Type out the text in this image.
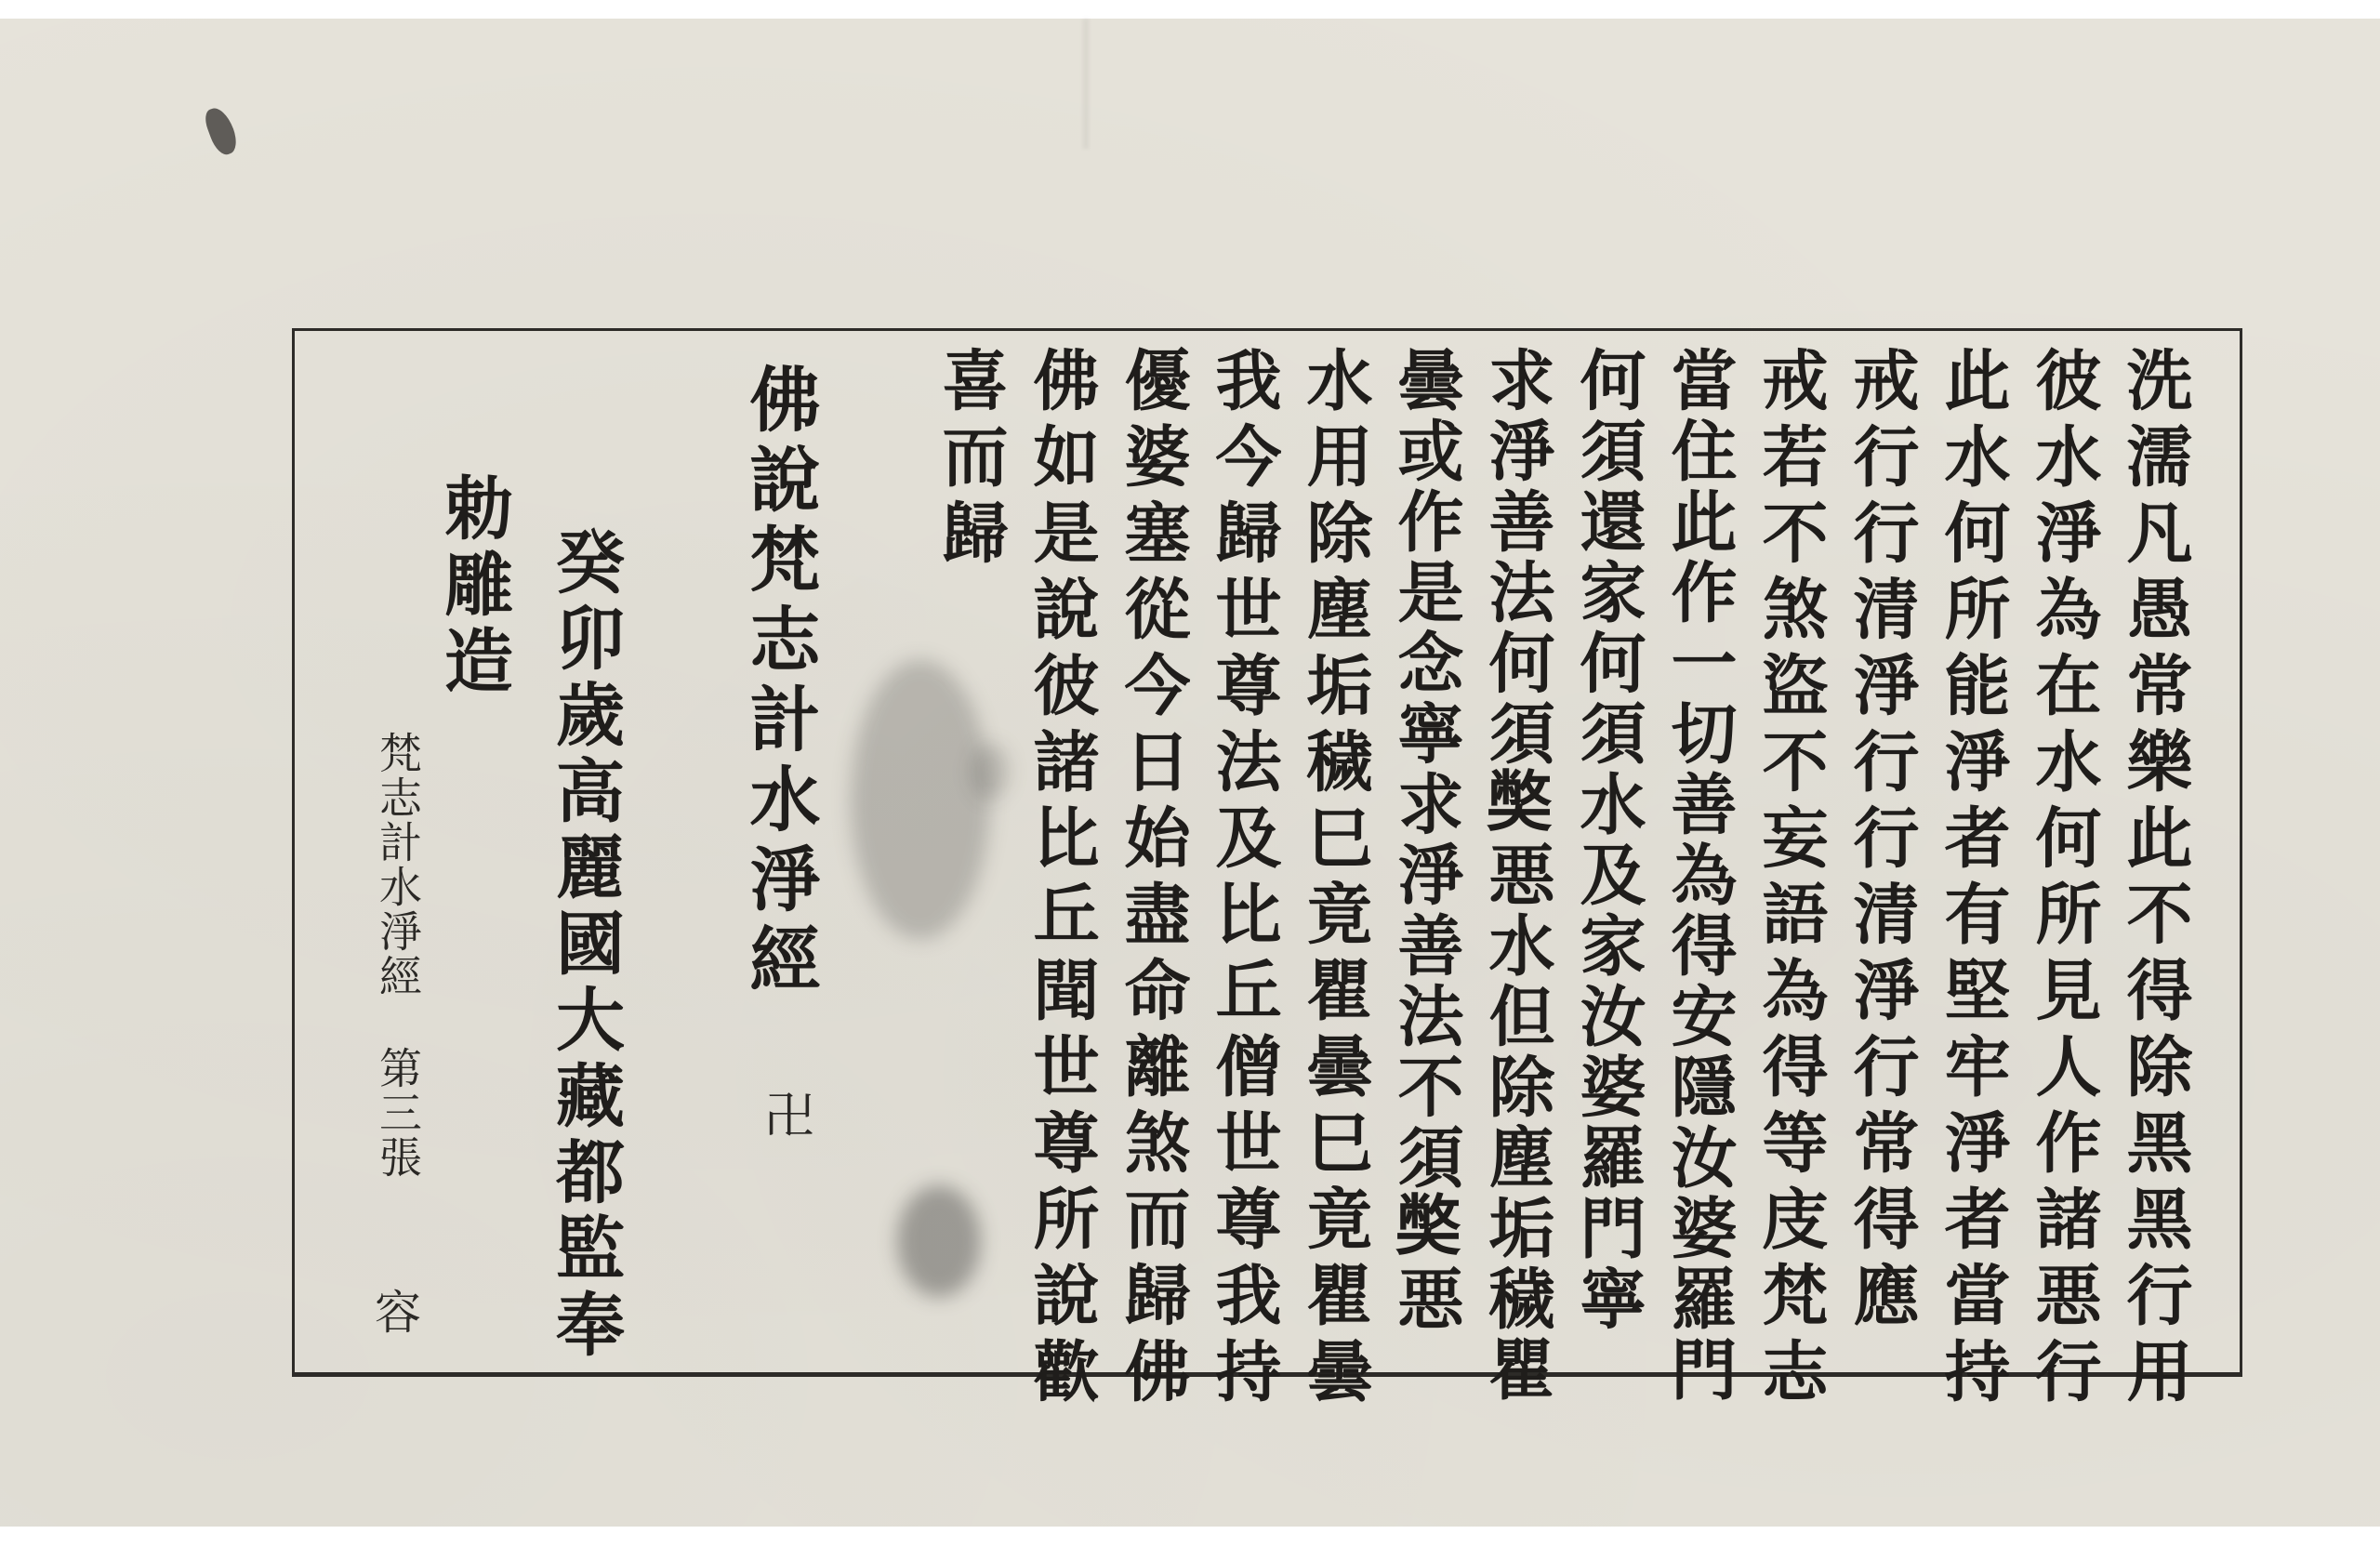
洗濡凡愚常樂此不得除黑黑行用
彼水淨為在水何所見人作諸悪行
此水何所能淨者有堅牢淨者當持
戒行行清淨行行清淨行常得應
戒若不煞盜不妄語為得等庋梵志
當住此作一切善為得安隱汝婆羅門
何須還家何須水及家汝婆羅門寧
求淨善法何須𡚁悪水但除塵垢穢瞿
曇或作是念寧求淨善法不須𡚁悪
水用除塵垢穢巳竟瞿曇巳竟瞿曇
我今歸世尊法及比丘僧世尊我持
優婆塞從今日始盡命離煞而歸佛
佛如是說彼諸比丘聞世尊所說歡
喜而歸
佛說梵志計水淨經
卍
癸卯歲高麗國大藏都監奉
勅雕造
梵志計水淨經
第三張
容
